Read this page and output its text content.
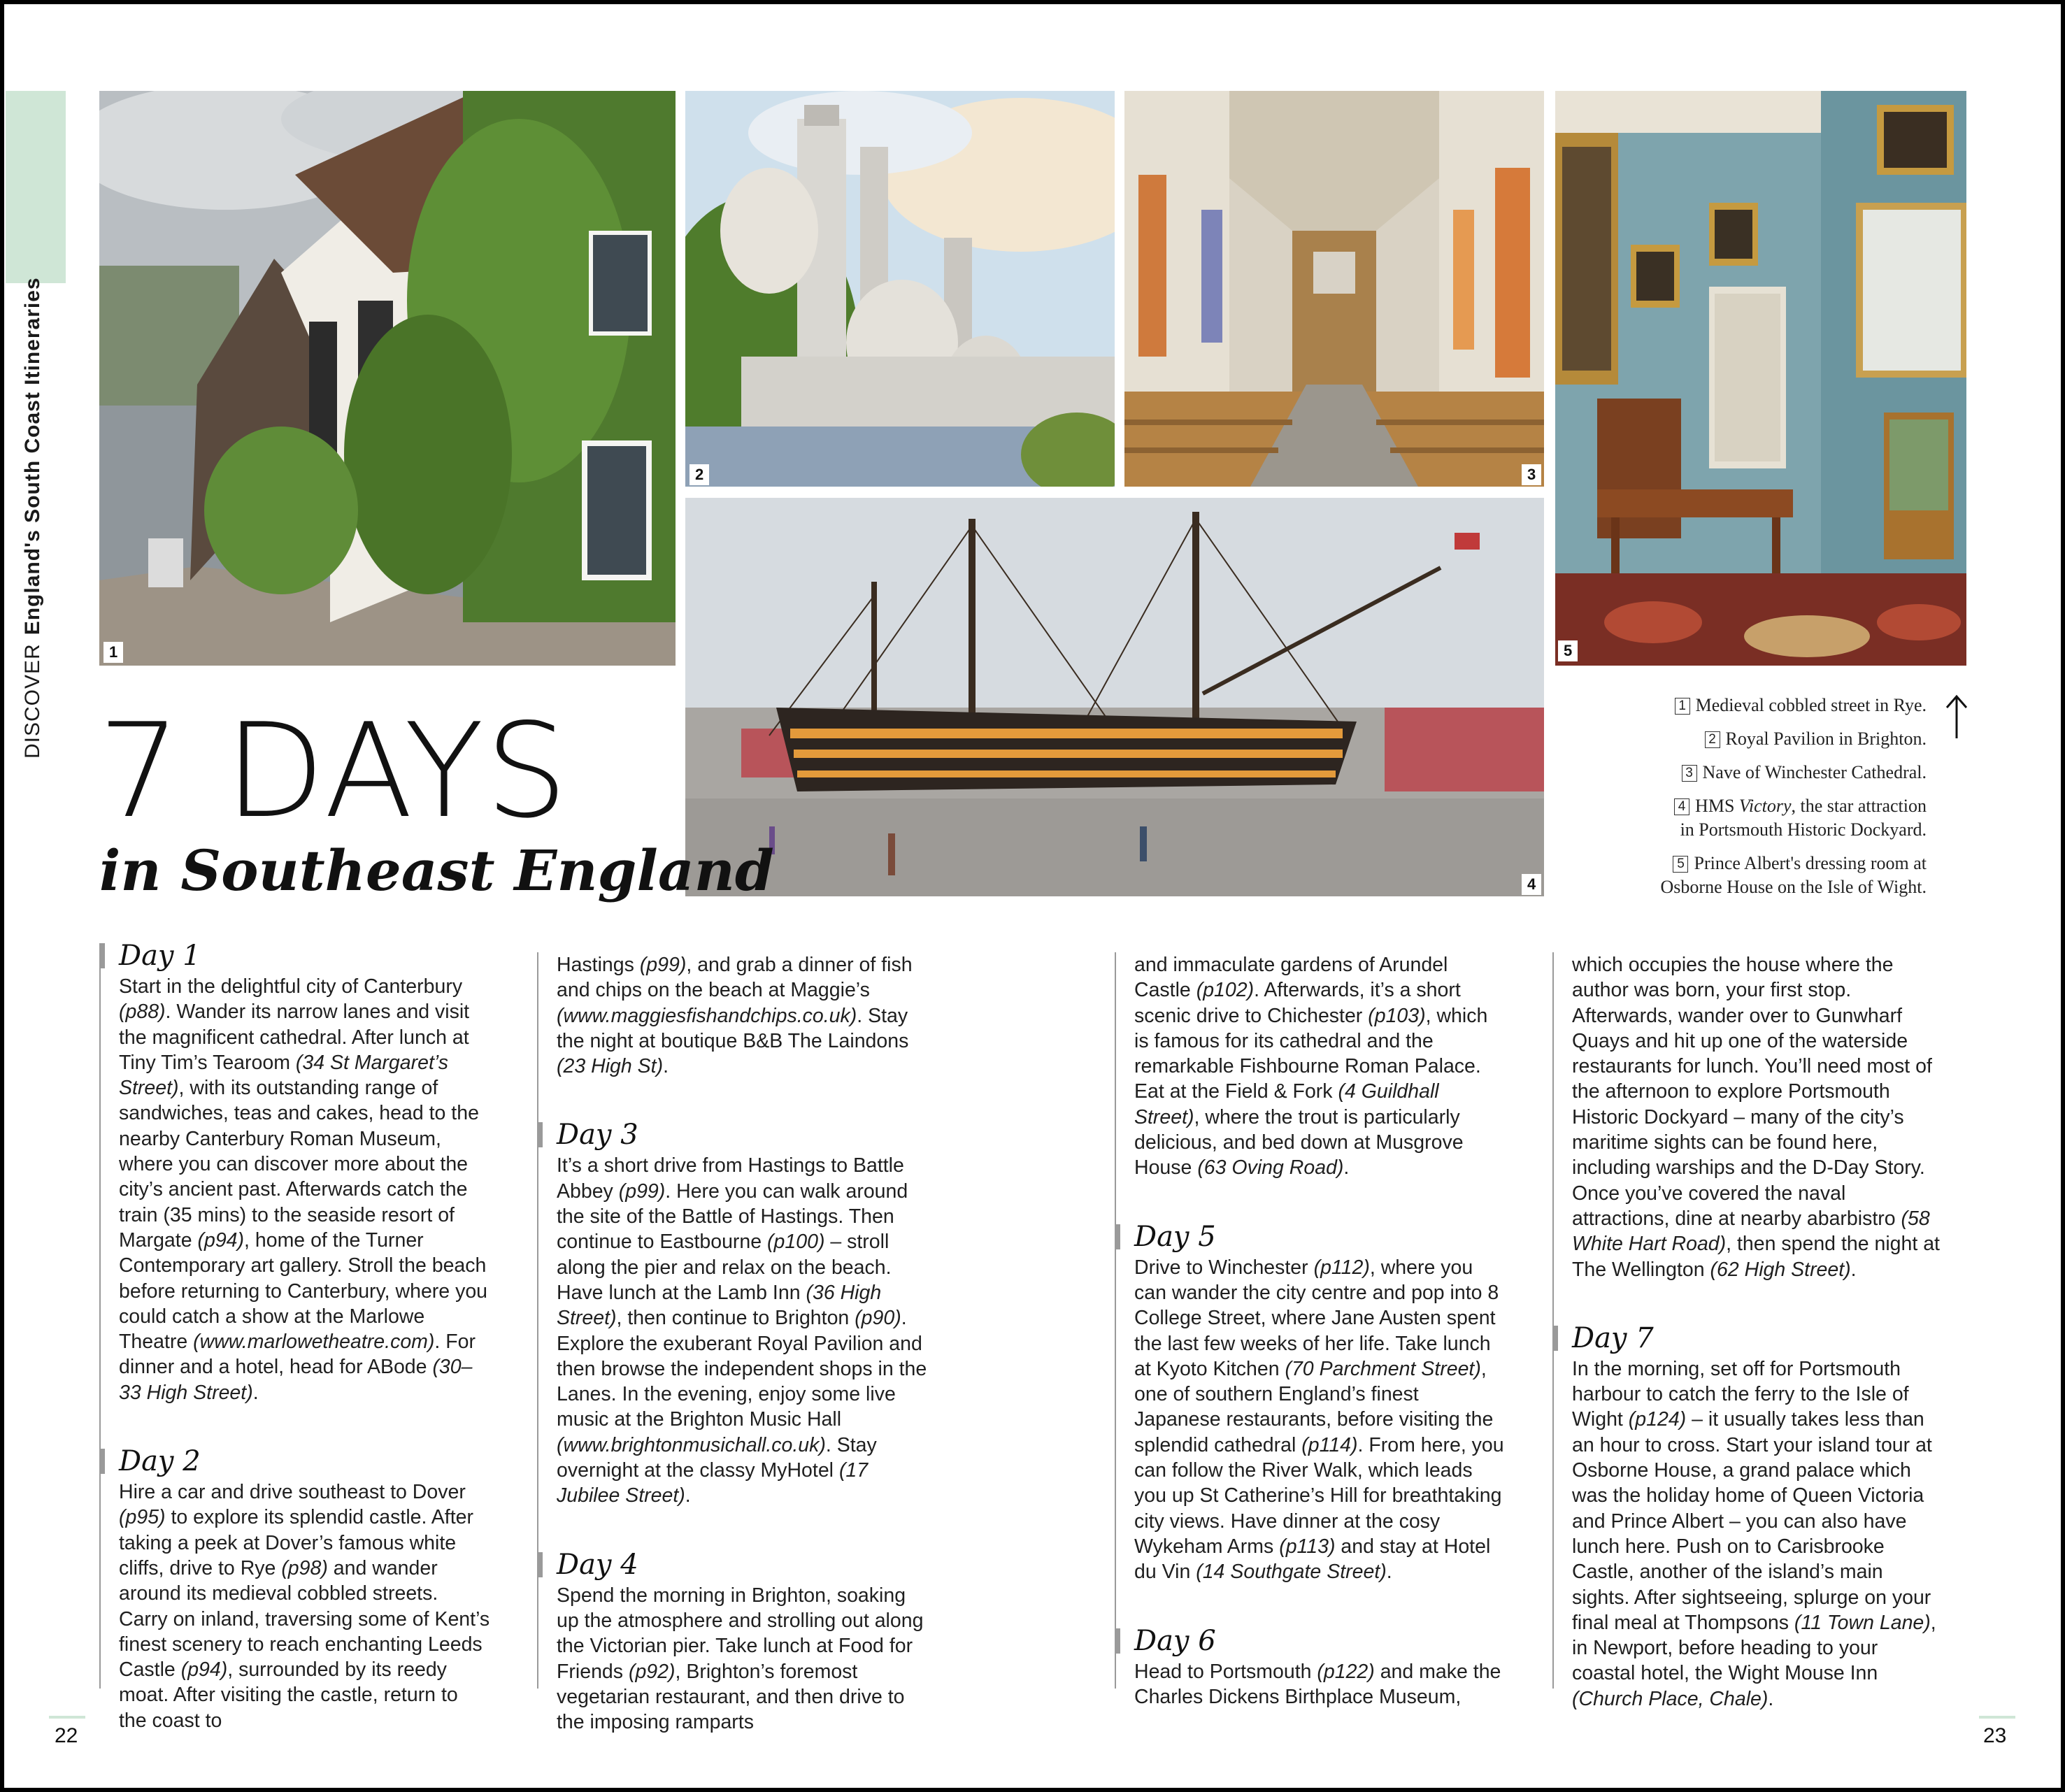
DISCOVEREngland's South Coast Itineraries
1
2	3
4
5
7 DAYS
in Southeast England
1 Medieval cobbled street in Rye.
2 Royal Pavilion in Brighton.
3 Nave of Winchester Cathedral.
4 HMS Victory, the star attraction
in Portsmouth Historic Dockyard.
5 Prince Albert's dressing room at
Osborne House on the Isle of Wight.
Day 1

Start in the delightful city of Canterbury (p88). Wander its narrow lanes and visit the magnificent cathedral. After lunch at Tiny Tim’s Tearoom (34 St Margaret’s Street), with its outstanding range of sandwiches, teas and cakes, head to the nearby Canterbury Roman Museum, where you can discover more about the city’s ancient past. Afterwards catch the train (35 mins) to the seaside resort of Margate (p94), home of the Turner Contemporary art gallery. Stroll the beach before returning to Canterbury, where you could catch a show at the Marlowe Theatre (www.marlowetheatre.com). For dinner and a hotel, head for ABode (30–33 High Street).

Day 2

Hire a car and drive southeast to Dover (p95) to explore its splendid castle. After taking a peek at Dover’s famous white cliffs, drive to Rye (p98) and wander around its medieval cobbled streets. Carry on inland, traversing some of Kent’s finest scenery to reach enchanting Leeds Castle (p94), surrounded by its reedy moat. After visiting the castle, return to the coast to

Hastings (p99), and grab a dinner of fish and chips on the beach at Maggie’s (www.maggiesfishandchips.co.uk). Stay the night at boutique B&B The Laindons (23 High St).

Day 3

It’s a short drive from Hastings to Battle Abbey (p99). Here you can walk around the site of the Battle of Hastings. Then continue to Eastbourne (p100) – stroll along the pier and relax on the beach. Have lunch at the Lamb Inn (36 High Street), then continue to Brighton (p90). Explore the exuberant Royal Pavilion and then browse the independent shops in the Lanes. In the evening, enjoy some live music at the Brighton Music Hall (www.brightonmusichall.co.uk). Stay overnight at the classy MyHotel (17 Jubilee Street).

Day 4

Spend the morning in Brighton, soaking up the atmosphere and strolling out along the Victorian pier. Take lunch at Food for Friends (p92), Brighton’s foremost vegetarian restaurant, and then drive to the imposing ramparts

and immaculate gardens of Arundel Castle (p102). Afterwards, it’s a short scenic drive to Chichester (p103), which is famous for its cathedral and the remarkable Fishbourne Roman Palace. Eat at the Field & Fork (4 Guildhall Street), where the trout is particularly delicious, and bed down at Musgrove House (63 Oving Road).

Day 5

Drive to Winchester (p112), where you can wander the city centre and pop into 8 College Street, where Jane Austen spent the last few weeks of her life. Take lunch at Kyoto Kitchen (70 Parchment Street), one of southern England’s finest Japanese restaurants, before visiting the splendid cathedral (p114). From here, you can follow the River Walk, which leads you up St Catherine’s Hill for breathtaking city views. Have dinner at the cosy Wykeham Arms (p113) and stay at Hotel du Vin (14 Southgate Street).

Day 6

Head to Portsmouth (p122) and make the Charles Dickens Birthplace Museum,

which occupies the house where the author was born, your first stop. Afterwards, wander over to Gunwharf Quays and hit up one of the waterside restaurants for lunch. You’ll need most of the afternoon to explore Portsmouth Historic Dockyard – many of the city’s maritime sights can be found here, including warships and the D-Day Story. Once you’ve covered the naval attractions, dine at nearby abarbistro (58 White Hart Road), then spend the night at The Wellington (62 High Street).

Day 7

In the morning, set off for Portsmouth harbour to catch the ferry to the Isle of Wight (p124) – it usually takes less than an hour to cross. Start your island tour at Osborne House, a grand palace which was the holiday home of Queen Victoria and Prince Albert – you can also have lunch here. Push on to Carisbrooke Castle, another of the island’s main sights. After sightseeing, splurge on your final meal at Thompsons (11 Town Lane), in Newport, before heading to your coastal hotel, the Wight Mouse Inn (Church Place, Chale).

22	23
